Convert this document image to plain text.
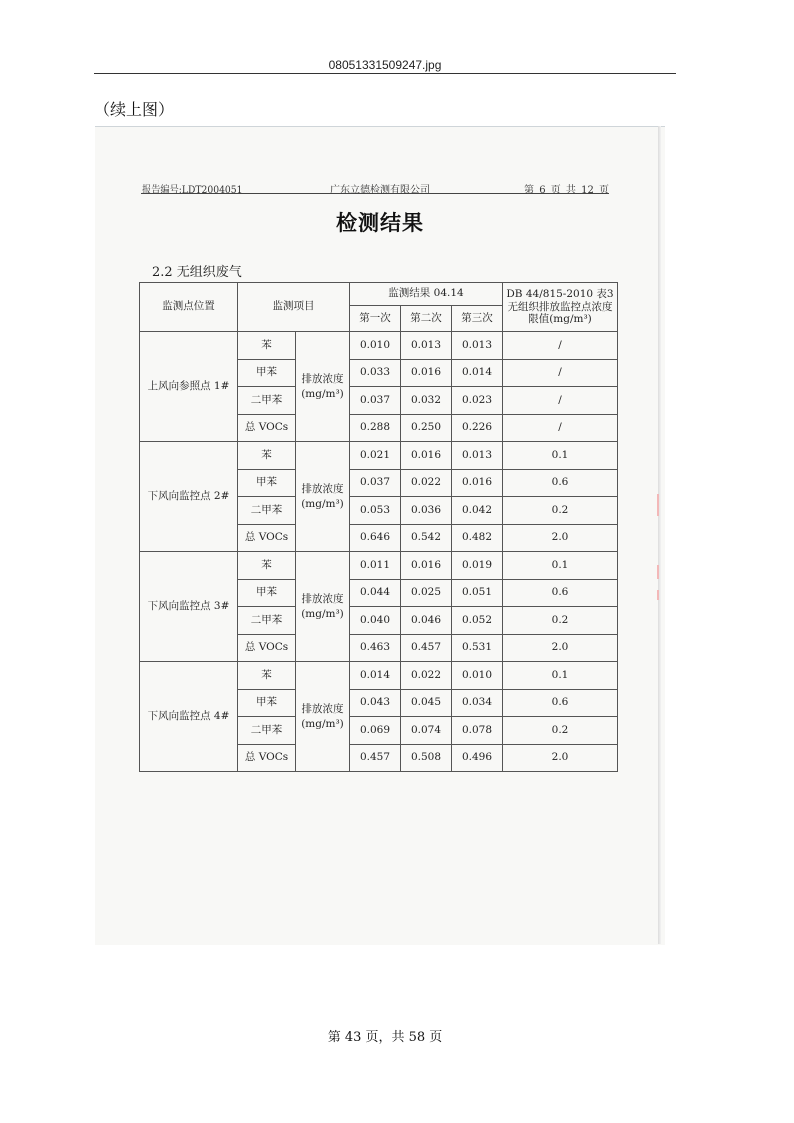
08051331509247.jpg
（续上图）
报告编号:LDT2004051	广东立德检测有限公司	第 6 页 共 12 页
检测结果
2.2 无组织废气
监测点位置	监测项目		监测结果 04.14			DB 44/815-2010 表3 无组织排放监控点浓度限值(mg/m³)
			第一次	第二次	第三次	
上风向参照点 1#	苯	排放浓度 (mg/m³)	0.010	0.013	0.013	/
	甲苯		0.033	0.016	0.014	/
	二甲苯		0.037	0.032	0.023	/
	总 VOCs		0.288	0.250	0.226	/
下风向监控点 2#	苯	排放浓度 (mg/m³)	0.021	0.016	0.013	0.1
	甲苯		0.037	0.022	0.016	0.6
	二甲苯		0.053	0.036	0.042	0.2
	总 VOCs		0.646	0.542	0.482	2.0
下风向监控点 3#	苯	排放浓度 (mg/m³)	0.011	0.016	0.019	0.1
	甲苯		0.044	0.025	0.051	0.6
	二甲苯		0.040	0.046	0.052	0.2
	总 VOCs		0.463	0.457	0.531	2.0
下风向监控点 4#	苯	排放浓度 (mg/m³)	0.014	0.022	0.010	0.1
	甲苯		0.043	0.045	0.034	0.6
	二甲苯		0.069	0.074	0.078	0.2
	总 VOCs		0.457	0.508	0.496	2.0
第 43 页，共 58 页
